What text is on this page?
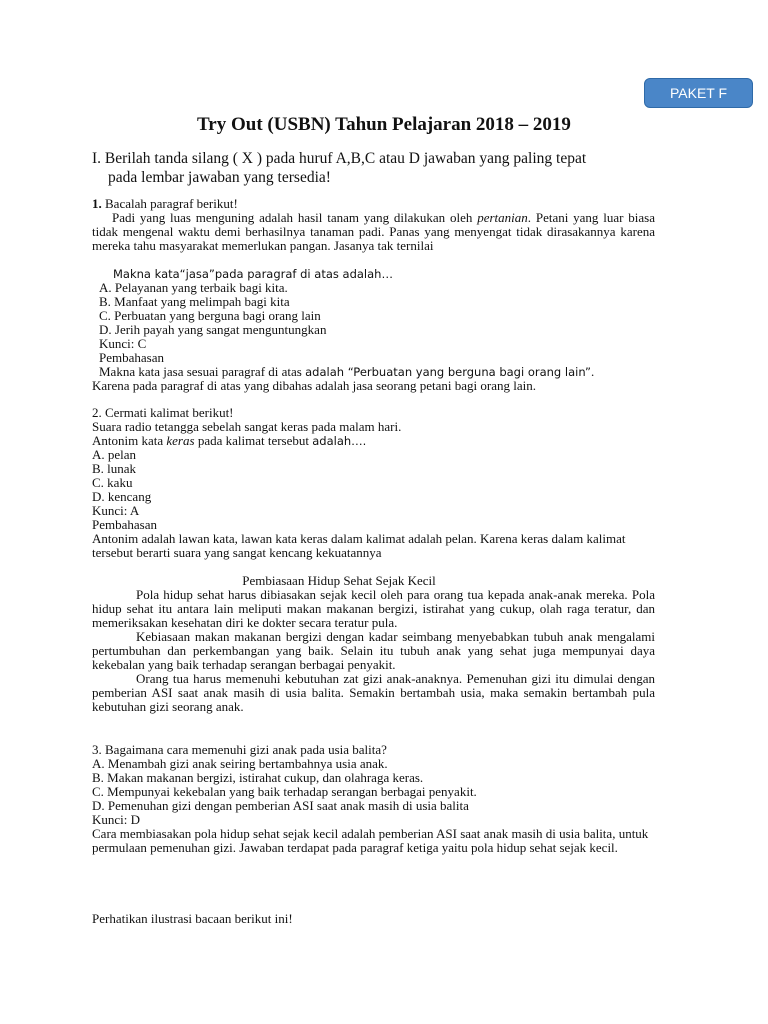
PAKET F
Try Out (USBN) Tahun Pelajaran 2018 – 2019
I. Berilah tanda silang ( X ) pada huruf A,B,C atau D jawaban yang paling tepat
pada lembar jawaban yang tersedia!
1. Bacalah paragraf berikut!
Padi yang luas menguning adalah hasil tanam yang dilakukan oleh pertanian. Petani yang luar biasa tidak mengenal waktu demi berhasilnya tanaman padi. Panas yang menyengat tidak dirasakannya karena mereka tahu masyarakat memerlukan pangan. Jasanya tak ternilai
Makna kata“jasa”pada paragraf di atas adalah…
A. Pelayanan yang terbaik bagi kita.
B. Manfaat yang melimpah bagi kita
C. Perbuatan yang berguna bagi orang lain
D. Jerih payah yang sangat menguntungkan
Kunci: C
Pembahasan
Makna kata jasa sesuai paragraf di atas adalah “Perbuatan yang berguna bagi orang lain”.
Karena pada paragraf di atas yang dibahas adalah jasa seorang petani bagi orang lain.
2. Cermati kalimat berikut!
Suara radio tetangga sebelah sangat keras pada malam hari.
Antonim kata keras pada kalimat tersebut adalah….
A. pelan
B. lunak
C. kaku
D. kencang
Kunci: A
Pembahasan
Antonim adalah lawan kata, lawan kata keras dalam kalimat adalah pelan. Karena keras dalam kalimat tersebut berarti suara yang sangat kencang kekuatannya
Pembiasaan Hidup Sehat Sejak Kecil
Pola hidup sehat harus dibiasakan sejak kecil oleh para orang tua kepada anak-anak mereka. Pola hidup sehat itu antara lain meliputi makan makanan bergizi, istirahat yang cukup, olah raga teratur, dan memeriksakan kesehatan diri ke dokter secara teratur pula.
Kebiasaan makan makanan bergizi dengan kadar seimbang menyebabkan tubuh anak mengalami pertumbuhan dan perkembangan yang baik. Selain itu tubuh anak yang sehat juga mempunyai daya kekebalan yang baik terhadap serangan berbagai penyakit.
Orang tua harus memenuhi kebutuhan zat gizi anak-anaknya. Pemenuhan gizi itu dimulai dengan pemberian ASI saat anak masih di usia balita. Semakin bertambah usia, maka semakin bertambah pula kebutuhan gizi seorang anak.
3. Bagaimana cara memenuhi gizi anak pada usia balita?
A. Menambah gizi anak seiring bertambahnya usia anak.
B. Makan makanan bergizi, istirahat cukup, dan olahraga keras.
C. Mempunyai kekebalan yang baik terhadap serangan berbagai penyakit.
D. Pemenuhan gizi dengan pemberian ASI saat anak masih di usia balita
Kunci: D
Cara membiasakan pola hidup sehat sejak kecil adalah pemberian ASI saat anak masih di usia balita, untuk permulaan pemenuhan gizi. Jawaban terdapat pada paragraf ketiga yaitu pola hidup sehat sejak kecil.
Perhatikan ilustrasi bacaan berikut ini!
